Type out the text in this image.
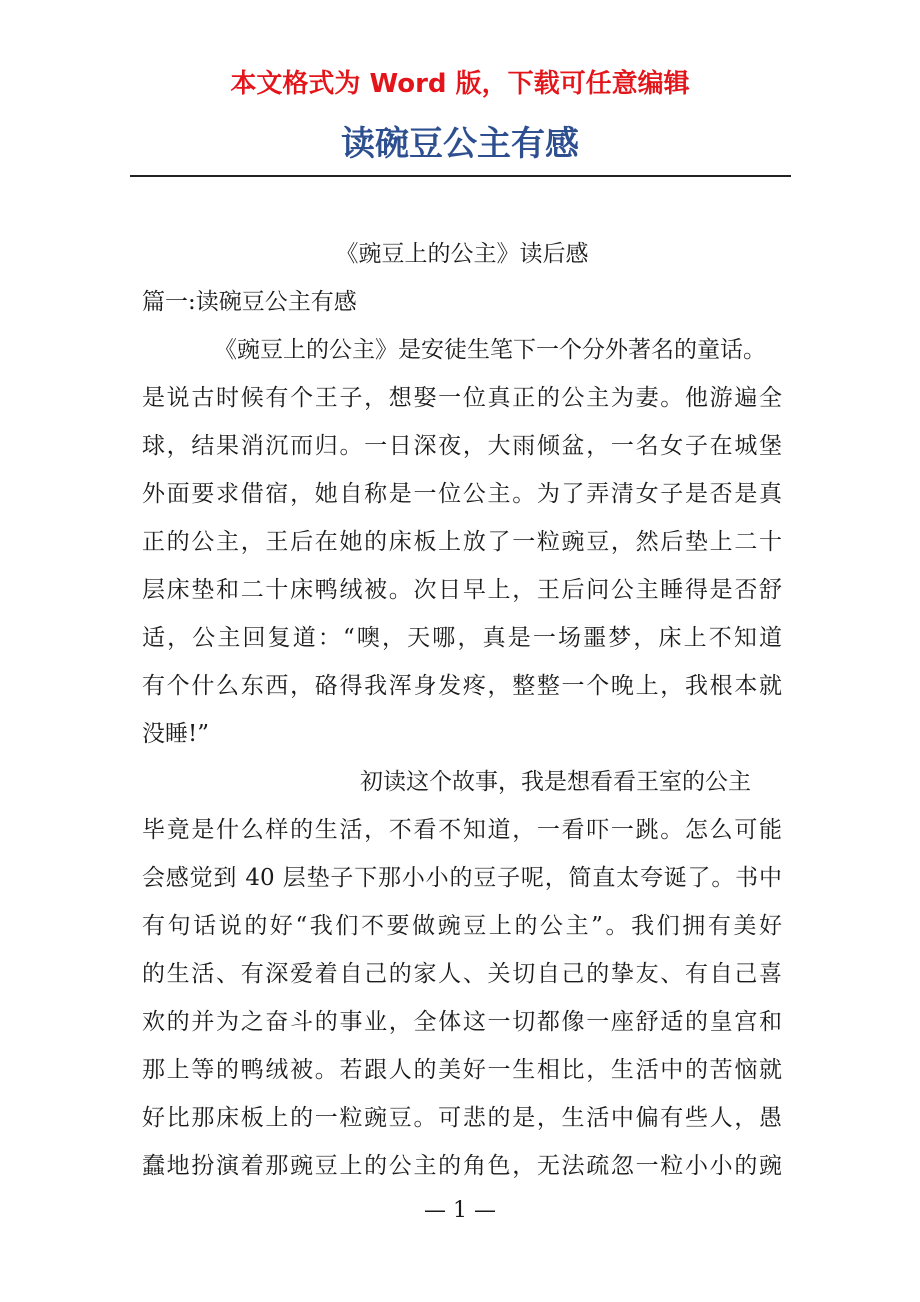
本文格式为 Word 版，下载可任意编辑
读碗豆公主有感
《豌豆上的公主》读后感
篇一:读碗豆公主有感
《豌豆上的公主》是安徒生笔下一个分外著名的童话。
是说古时候有个王子，想娶一位真正的公主为妻。他游遍全
球，结果消沉而归。一日深夜，大雨倾盆，一名女子在城堡
外面要求借宿，她自称是一位公主。为了弄清女子是否是真
正的公主，王后在她的床板上放了一粒豌豆，然后垫上二十
层床垫和二十床鸭绒被。次日早上，王后问公主睡得是否舒
适，公主回复道：“噢，天哪，真是一场噩梦，床上不知道
有个什么东西，硌得我浑身发疼，整整一个晚上，我根本就
没睡!”
初读这个故事，我是想看看王室的公主
毕竟是什么样的生活，不看不知道，一看吓一跳。怎么可能
会感觉到 40 层垫子下那小小的豆子呢，简直太夸诞了。书中
有句话说的好“我们不要做豌豆上的公主”。我们拥有美好
的生活、有深爱着自己的家人、关切自己的挚友、有自己喜
欢的并为之奋斗的事业，全体这一切都像一座舒适的皇宫和
那上等的鸭绒被。若跟人的美好一生相比，生活中的苦恼就
好比那床板上的一粒豌豆。可悲的是，生活中偏有些人，愚
蠢地扮演着那豌豆上的公主的角色，无法疏忽一粒小小的豌
— 1 —
